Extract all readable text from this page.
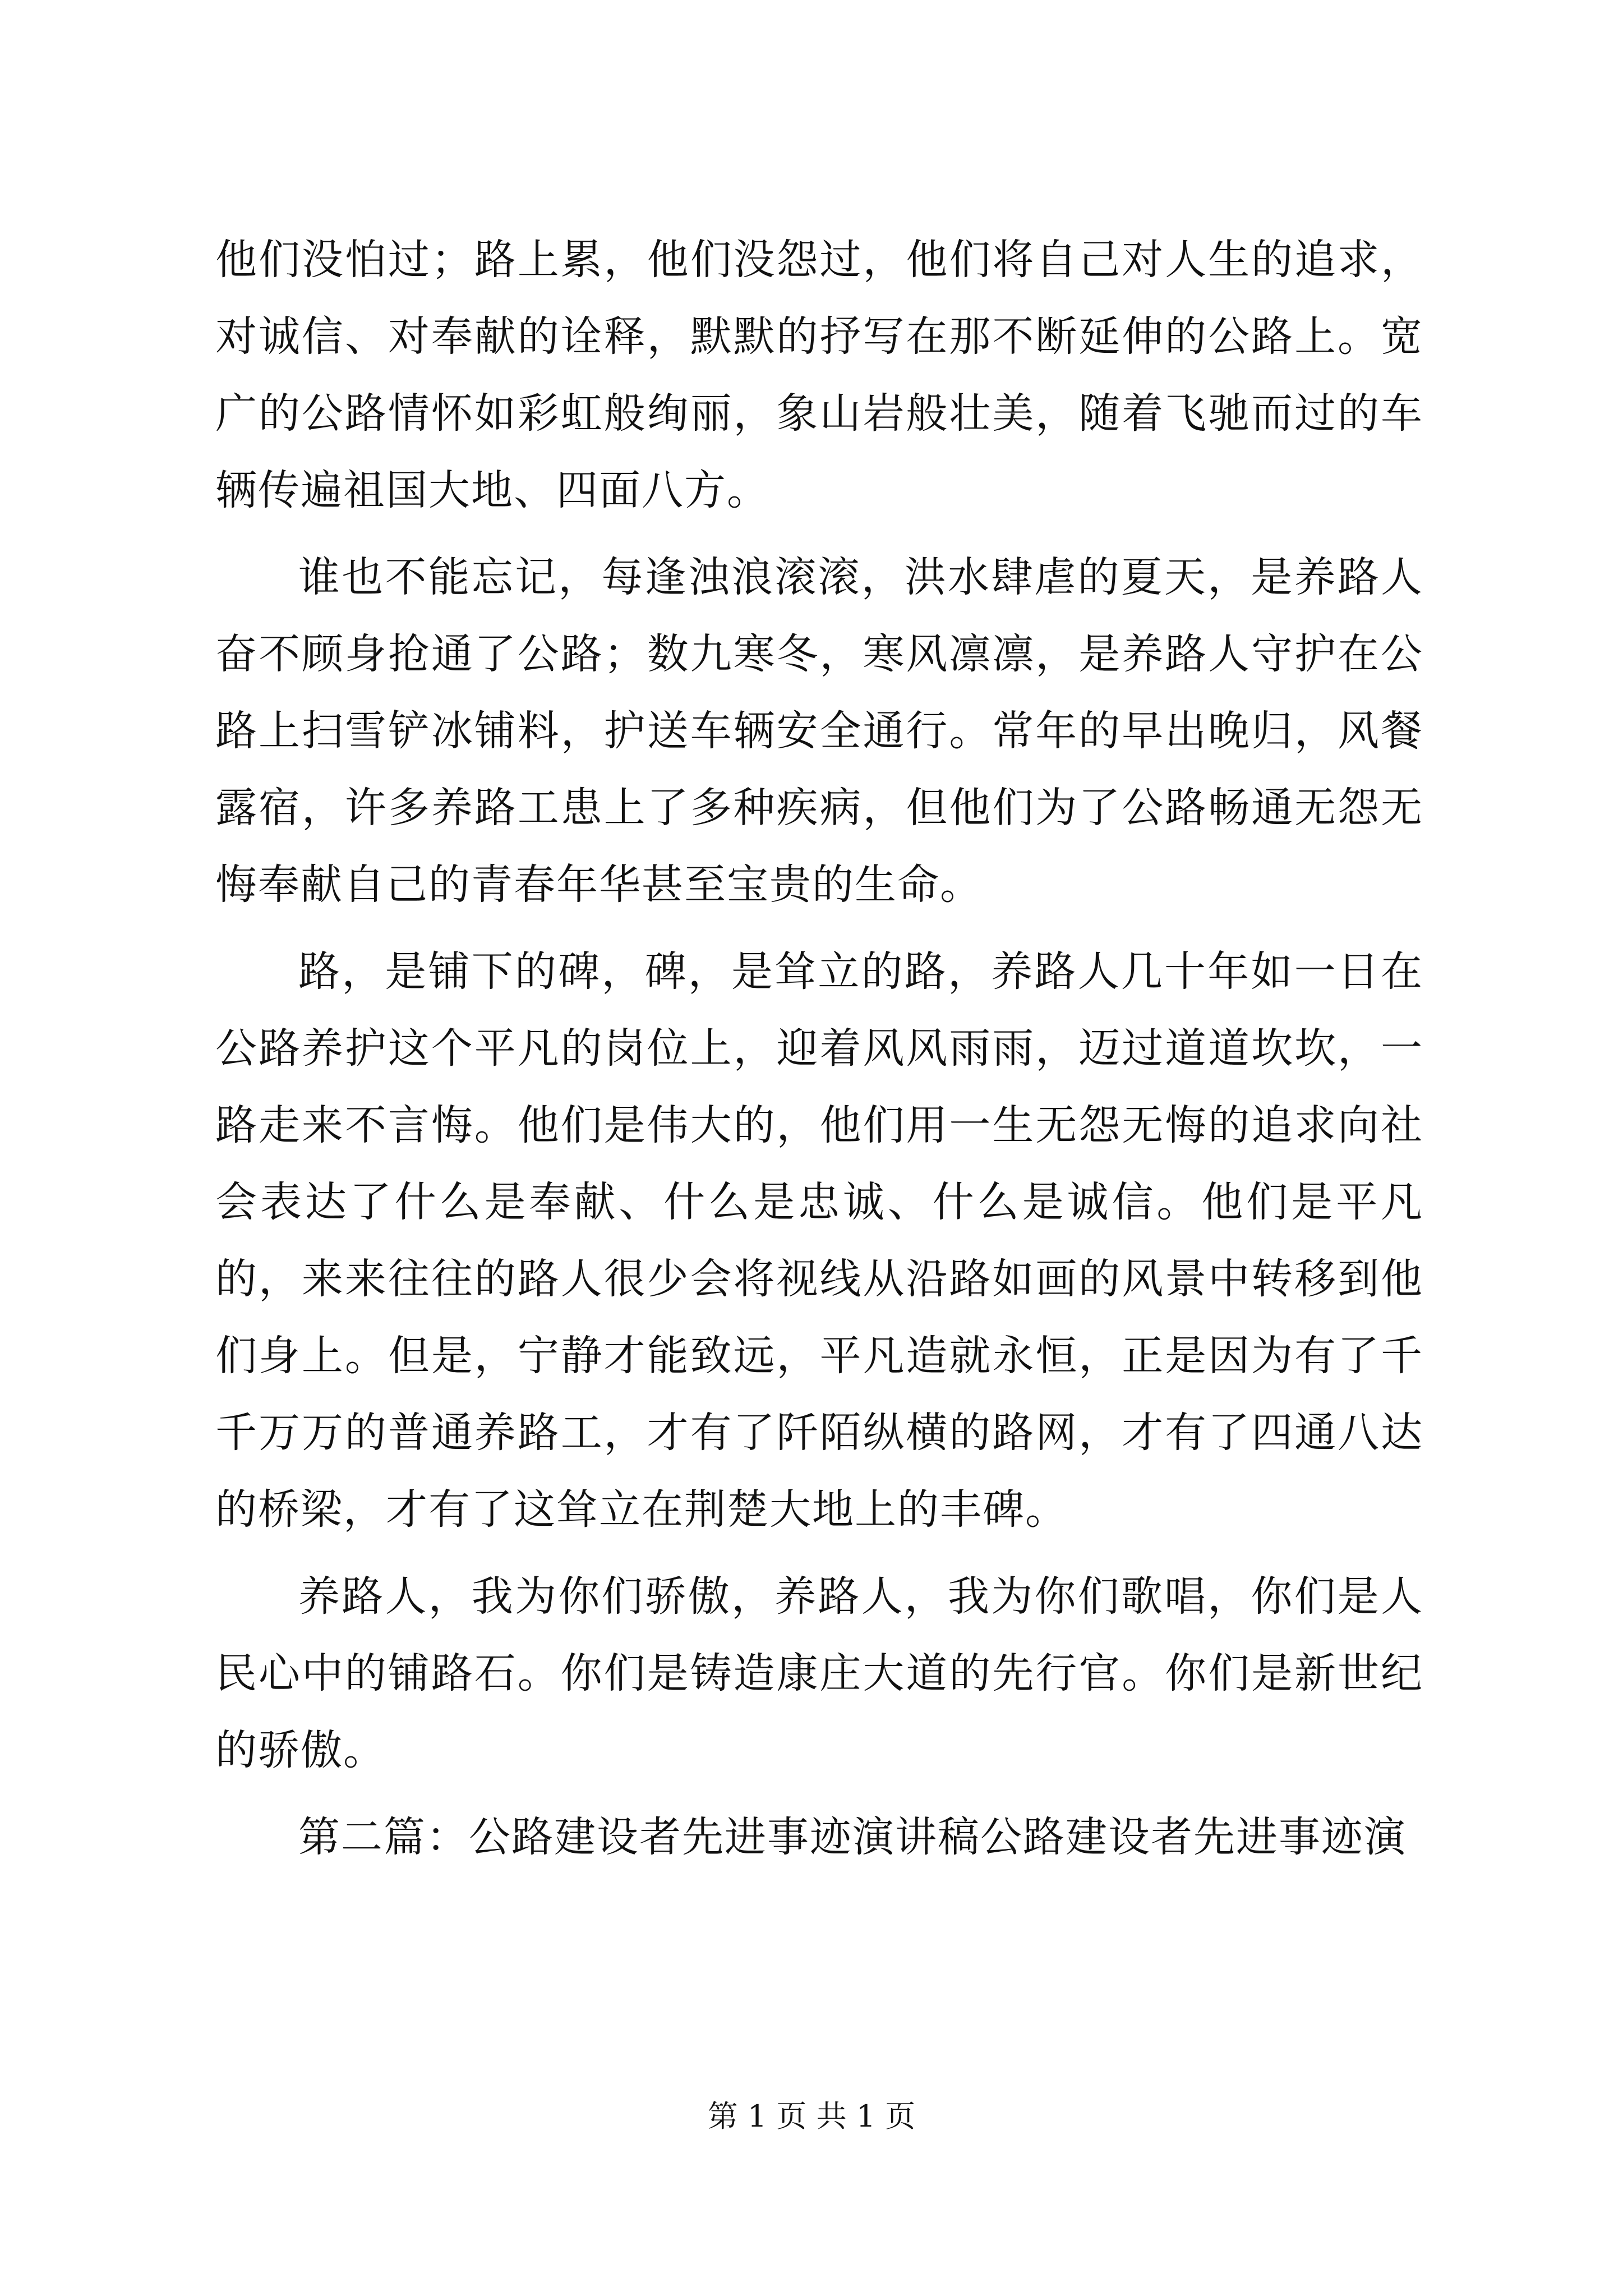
他们没怕过；路上累，他们没怨过，他们将自己对人生的追求，对诚信、对奉献的诠释，默默的抒写在那不断延伸的公路上。宽广的公路情怀如彩虹般绚丽，象山岩般壮美，随着飞驰而过的车辆传遍祖国大地、四面八方。

谁也不能忘记，每逢浊浪滚滚，洪水肆虐的夏天，是养路人奋不顾身抢通了公路；数九寒冬，寒风凛凛，是养路人守护在公路上扫雪铲冰铺料，护送车辆安全通行。常年的早出晚归，风餐露宿，许多养路工患上了多种疾病，但他们为了公路畅通无怨无悔奉献自己的青春年华甚至宝贵的生命。

路，是铺下的碑，碑，是耸立的路，养路人几十年如一日在公路养护这个平凡的岗位上，迎着风风雨雨，迈过道道坎坎，一路走来不言悔。他们是伟大的，他们用一生无怨无悔的追求向社会表达了什么是奉献、什么是忠诚、什么是诚信。他们是平凡的，来来往往的路人很少会将视线从沿路如画的风景中转移到他们身上。但是，宁静才能致远，平凡造就永恒，正是因为有了千千万万的普通养路工，才有了阡陌纵横的路网，才有了四通八达的桥梁，才有了这耸立在荆楚大地上的丰碑。

养路人，我为你们骄傲，养路人，我为你们歌唱，你们是人民心中的铺路石。你们是铸造康庄大道的先行官。你们是新世纪的骄傲。

第二篇：公路建设者先进事迹演讲稿公路建设者先进事迹演

第 1 页 共 1 页
